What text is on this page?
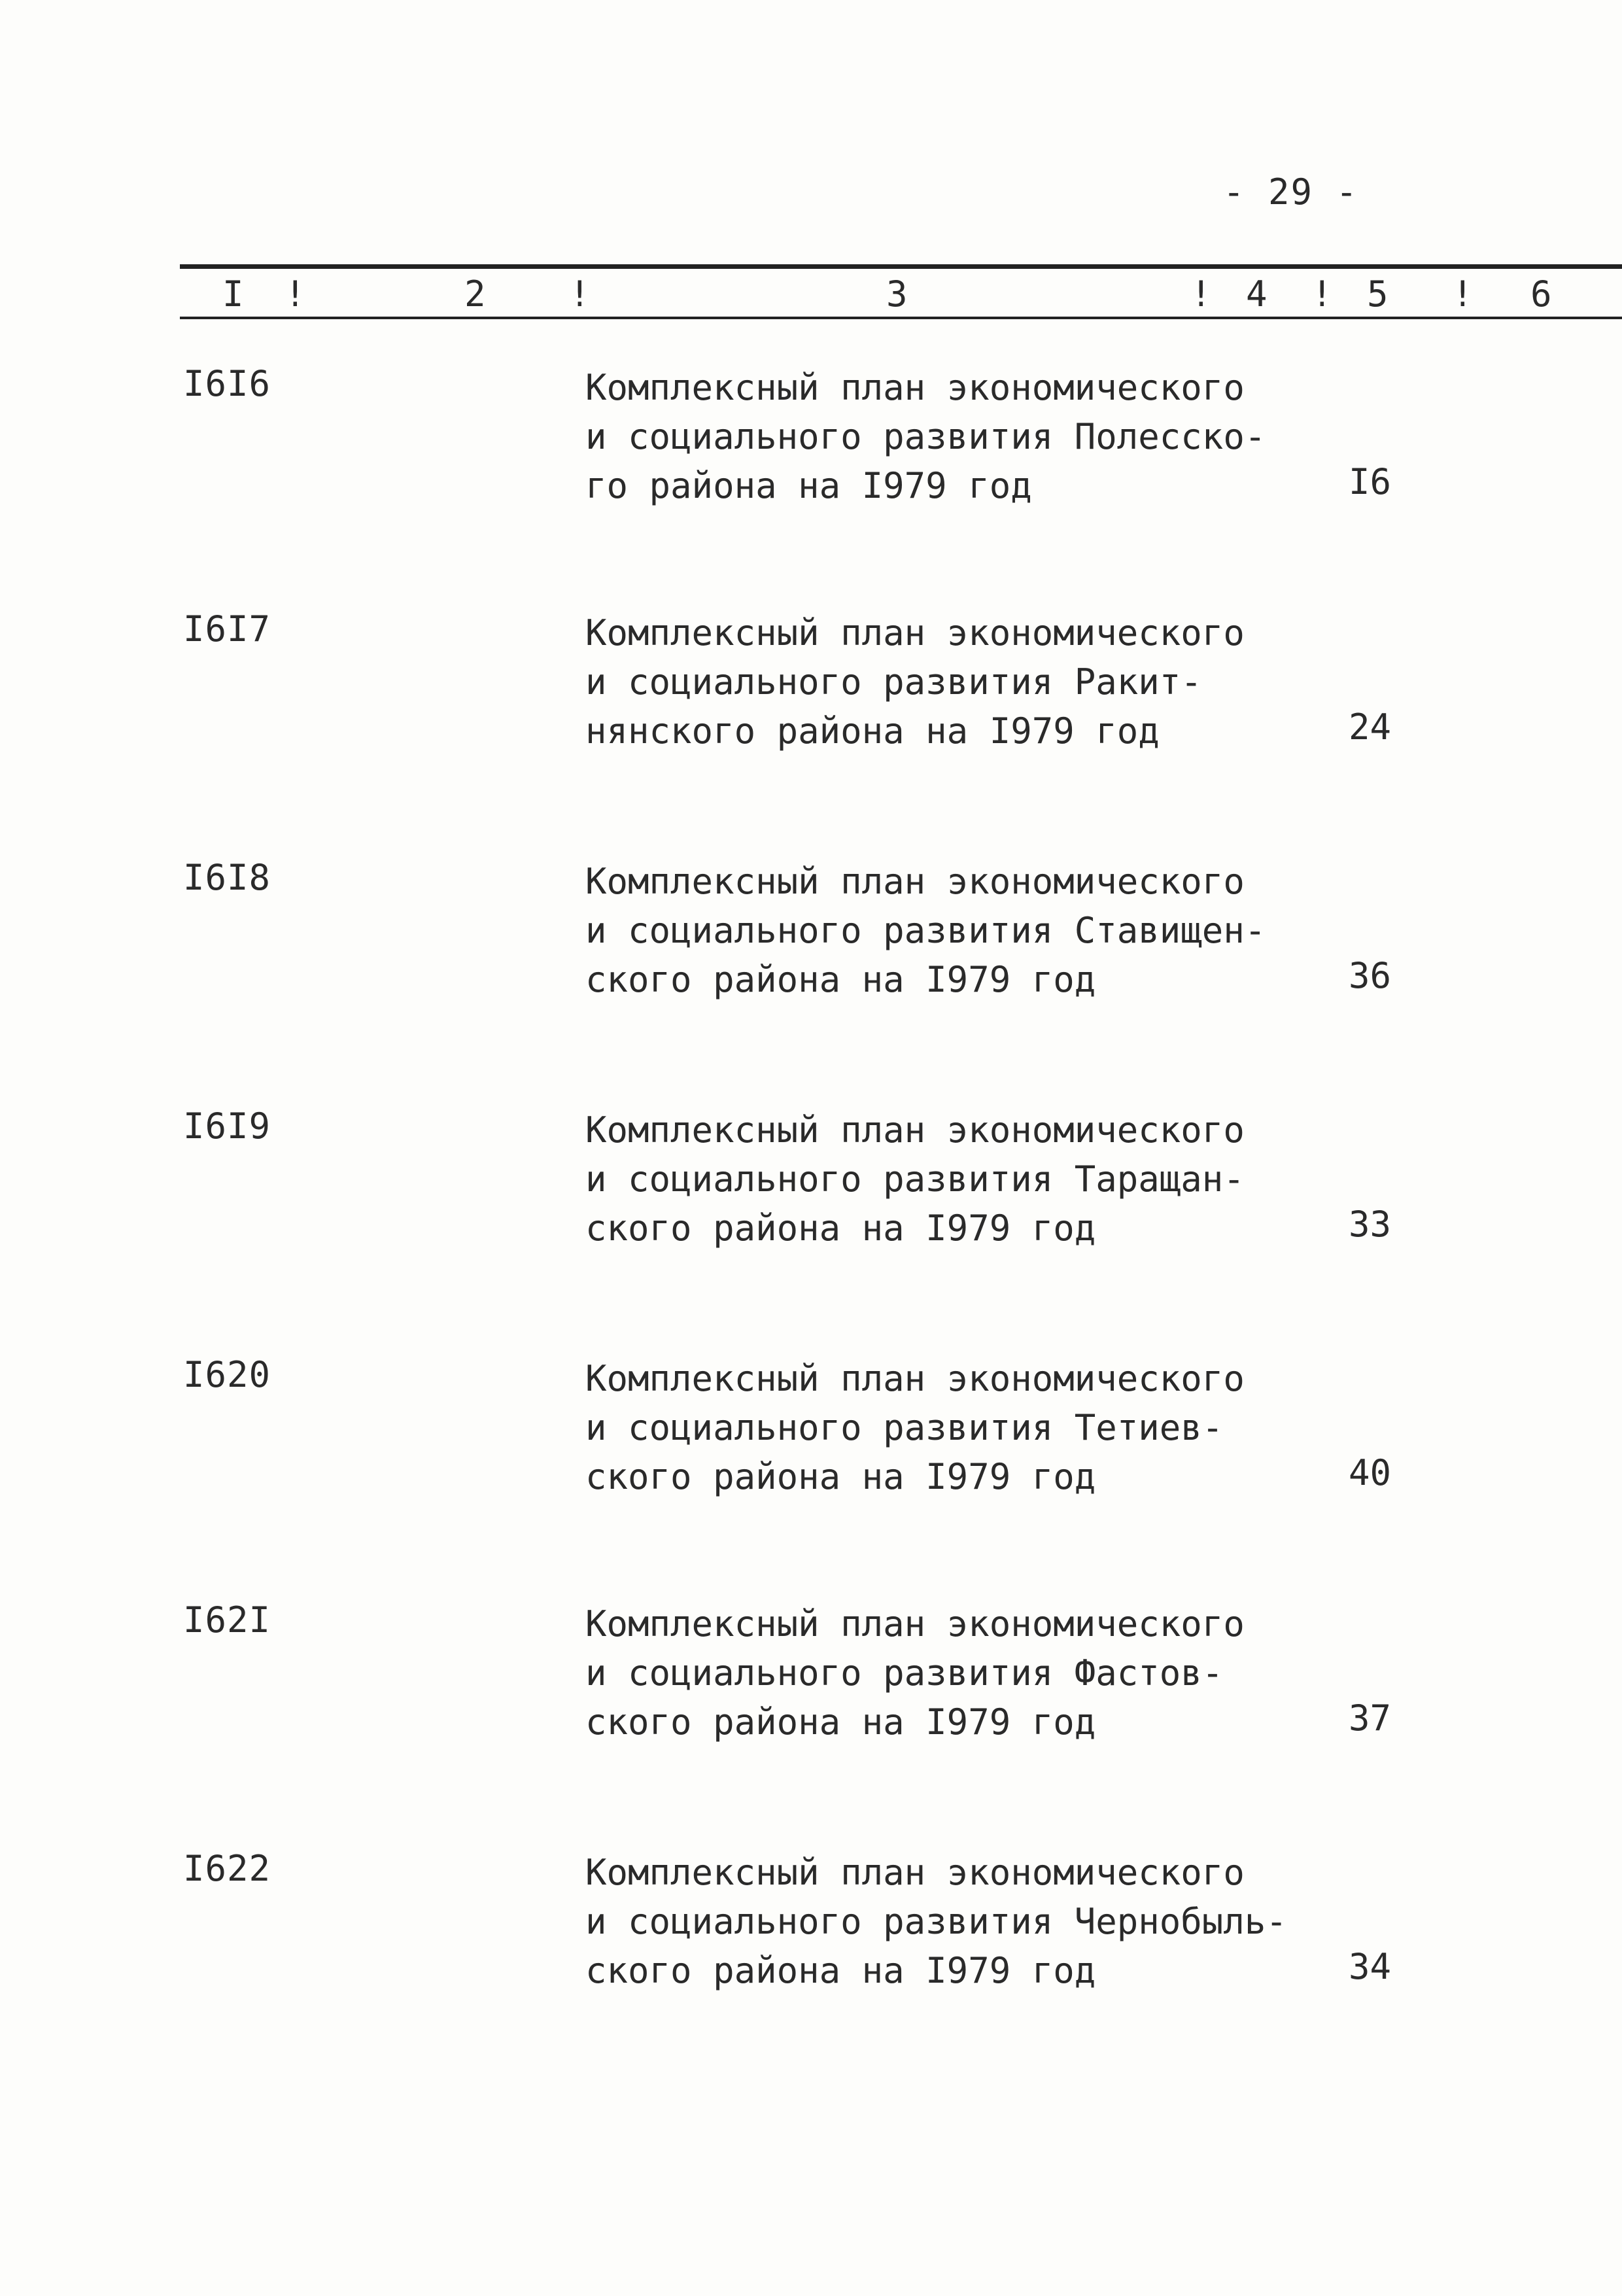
- 29 -
I !	2 !	3	! 4 ! 5 ! 6
I6I6	Комплексный план экономического
и социального развития Полесско-
го района на I979 год	I6
I6I7	Комплексный план экономического
и социального развития Ракит-
нянского района на I979 год	24
I6I8	Комплексный план экономического
и социального развития Ставищен-
ского района на I979 год	36
I6I9	Комплексный план экономического
и социального развития Таращан-
ского района на I979 год	33
I620	Комплексный план экономического
и социального развития Тетиев-
ского района на I979 год	40
I62I	Комплексный план экономического
и социального развития Фастов-
ского района на I979 год	37
I622	Комплексный план экономического
и социального развития Чернобыль-
ского района на I979 год	34
